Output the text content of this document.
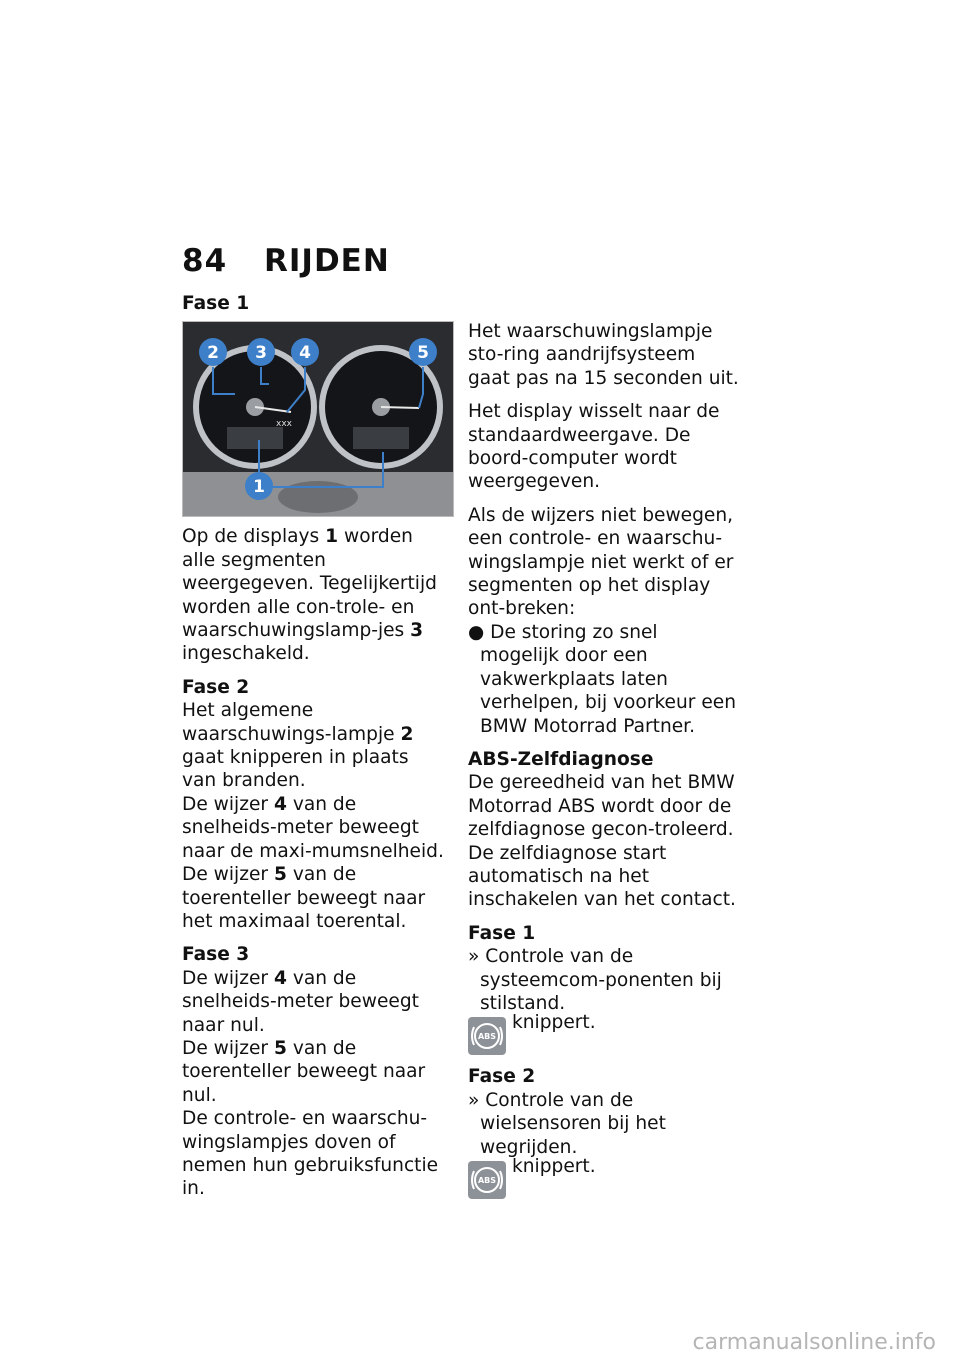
84 RIJDEN

Fase 1

xxx
2 3 4	5
1

Op de displays 1 worden alle segmenten weergegeven. Tegelijkertijd worden alle con-trole- en waarschuwingslamp-jes 3 ingeschakeld.

Fase 2

Het algemene waarschuwings-lampje 2 gaat knipperen in plaats van branden.

De wijzer 4 van de snelheids-meter beweegt naar de maxi-mumsnelheid.

De wijzer 5 van de toerenteller beweegt naar het maximaal toerental.

Fase 3

De wijzer 4 van de snelheids-meter beweegt naar nul.

De wijzer 5 van de toerenteller beweegt naar nul.

De controle- en waarschu-wingslampjes doven of nemen hun gebruiksfunctie in.

Het waarschuwingslampje sto-ring aandrijfsysteem gaat pas na 15 seconden uit.

Het display wisselt naar de standaardweergave. De boord-computer wordt weergegeven.

Als de wijzers niet bewegen, een controle- en waarschu-wingslampje niet werkt of er segmenten op het display ont-breken:

● De storing zo snel mogelijk door een vakwerkplaats laten verhelpen, bij voorkeur een BMW Motorrad Partner.

ABS-Zelfdiagnose

De gereedheid van het BMW Motorrad ABS wordt door de zelfdiagnose gecon-troleerd. De zelfdiagnose start automatisch na het inschakelen van het contact.

Fase 1

» Controle van de systeemcom-ponenten bij stilstand.

ABS
knippert.

Fase 2

» Controle van de wielsensoren bij het wegrijden.

ABS
knippert.
carmanualsonline.info
